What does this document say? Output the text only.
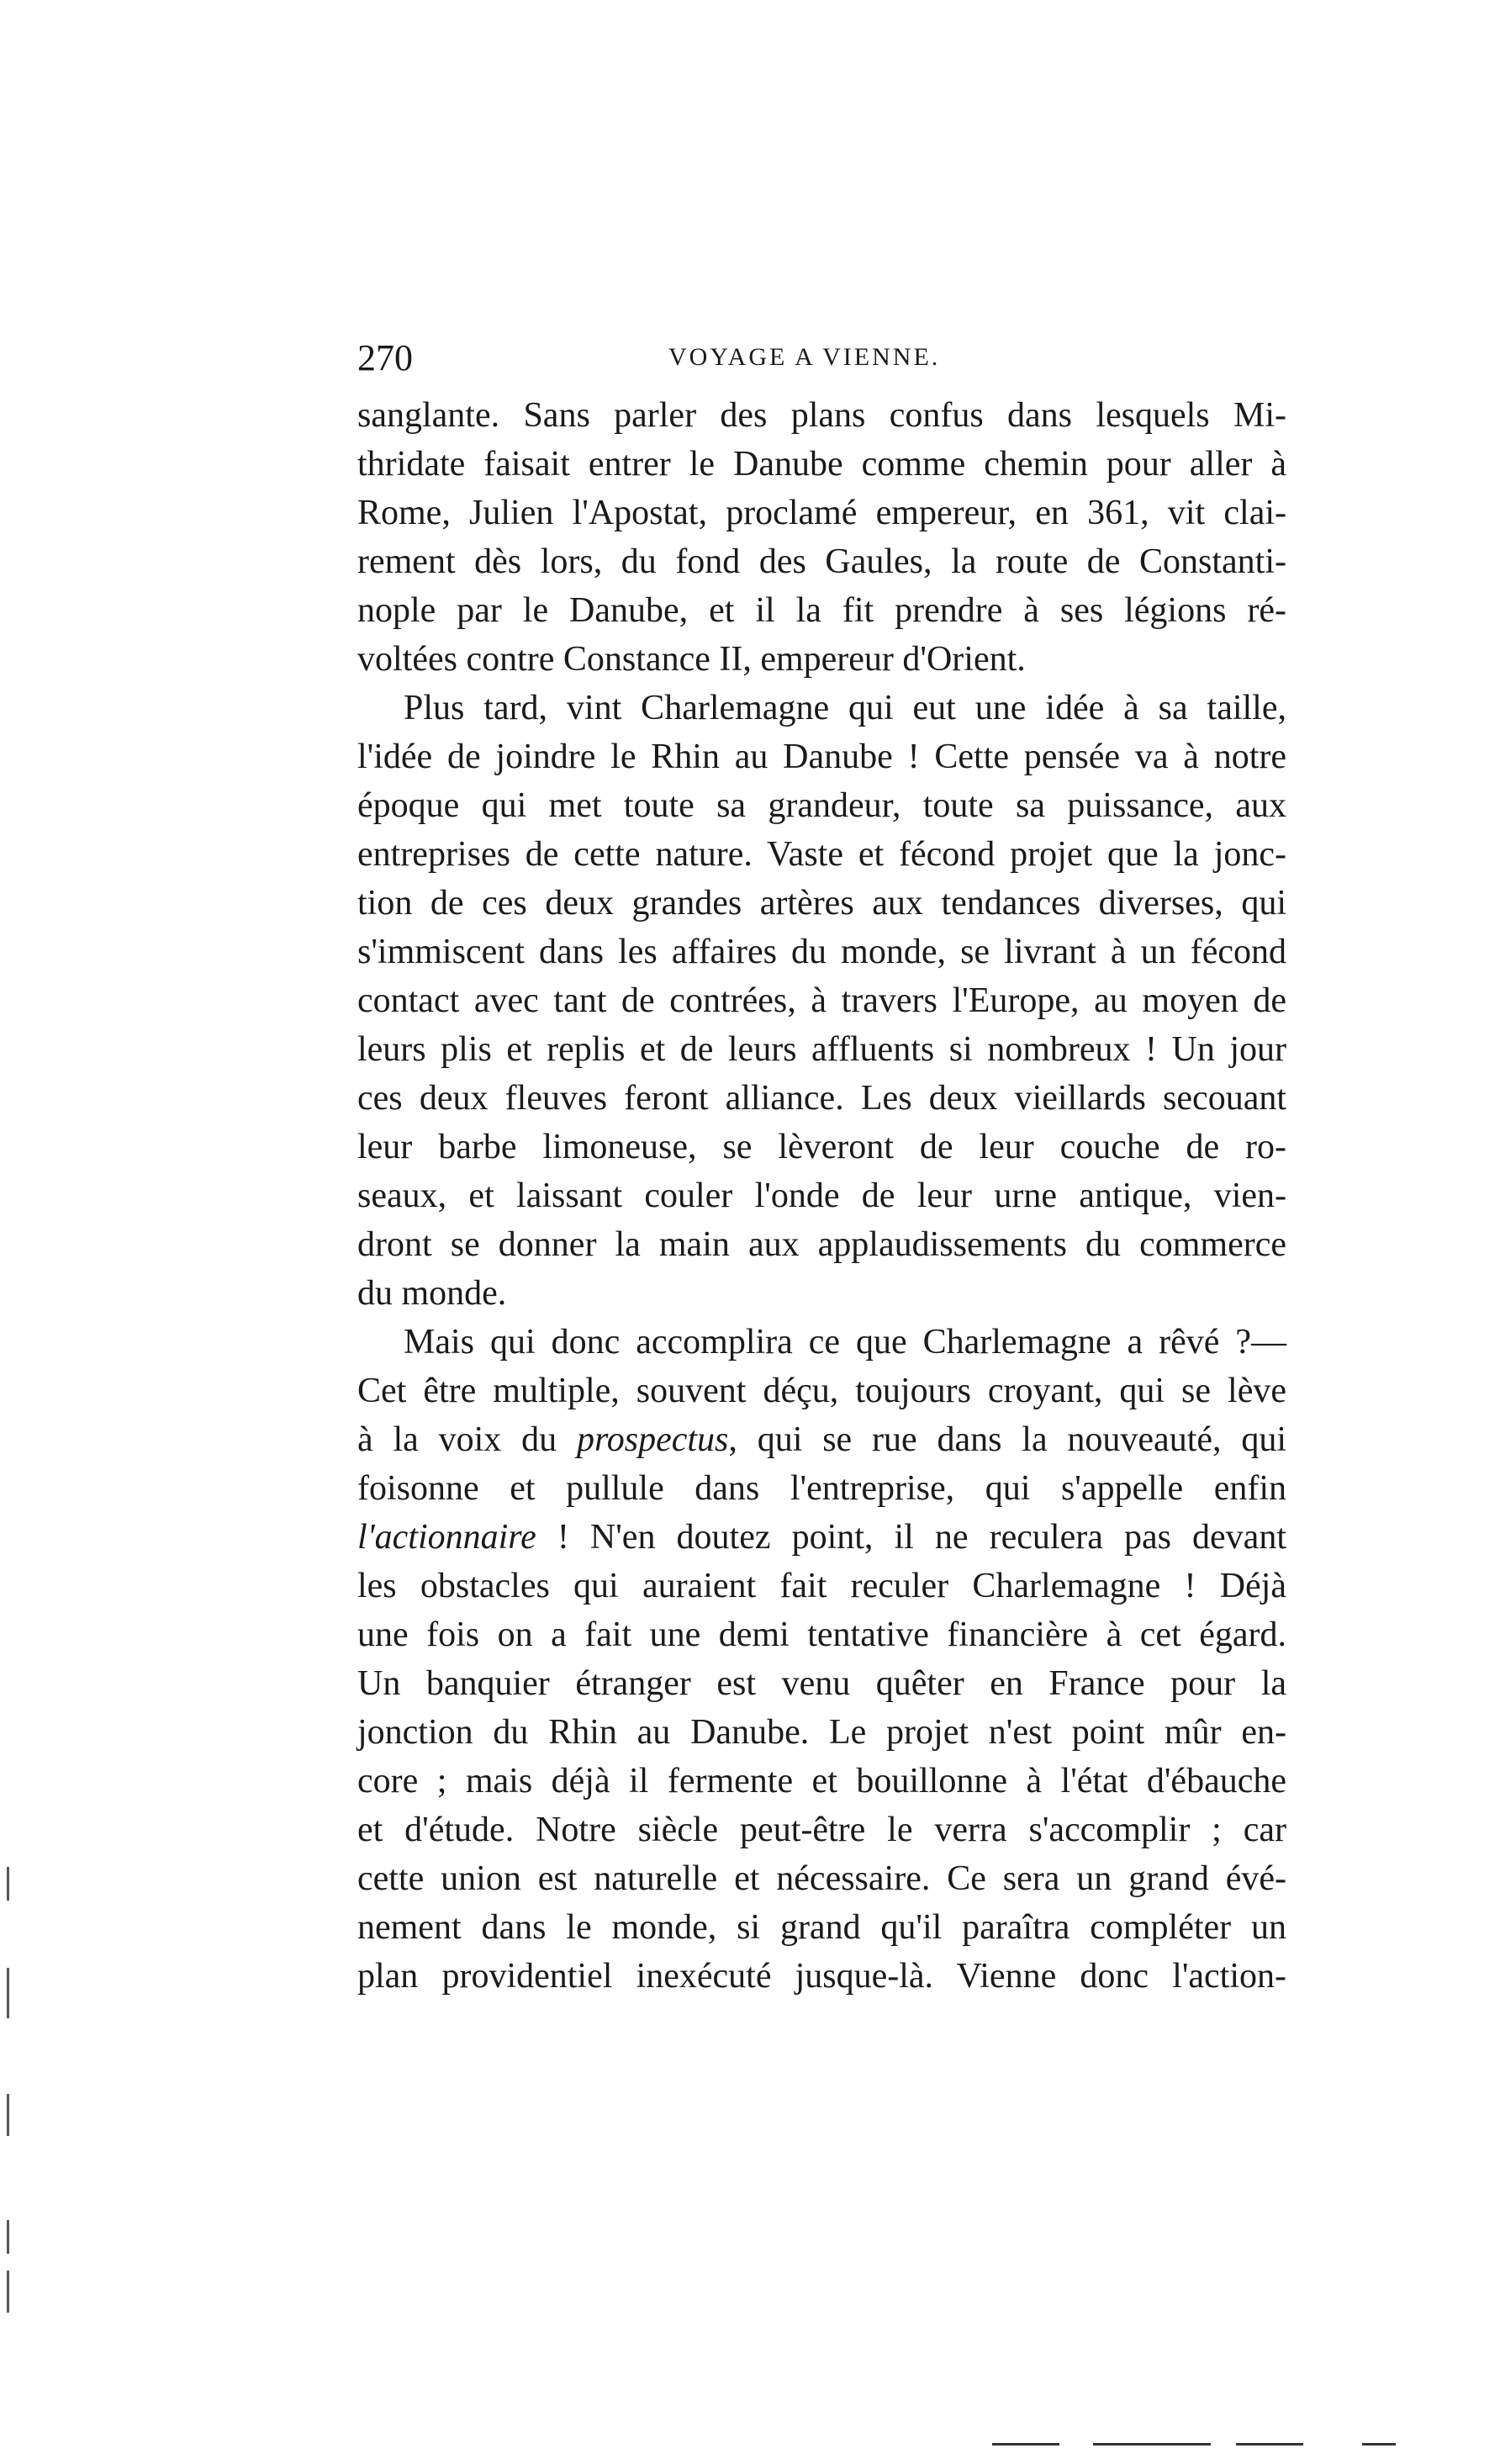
270	VOYAGE A VIENNE.
sanglante. Sans parler des plans confus dans lesquels Mi-
thridate faisait entrer le Danube comme chemin pour aller à
Rome, Julien l'Apostat, proclamé empereur, en 361, vit clai-
rement dès lors, du fond des Gaules, la route de Constanti-
nople par le Danube, et il la fit prendre à ses légions ré-
voltées contre Constance II, empereur d'Orient.
Plus tard, vint Charlemagne qui eut une idée à sa taille,
l'idée de joindre le Rhin au Danube ! Cette pensée va à notre
époque qui met toute sa grandeur, toute sa puissance, aux
entreprises de cette nature. Vaste et fécond projet que la jonc-
tion de ces deux grandes artères aux tendances diverses, qui
s'immiscent dans les affaires du monde, se livrant à un fécond
contact avec tant de contrées, à travers l'Europe, au moyen de
leurs plis et replis et de leurs affluents si nombreux ! Un jour
ces deux fleuves feront alliance. Les deux vieillards secouant
leur barbe limoneuse, se lèveront de leur couche de ro-
seaux, et laissant couler l'onde de leur urne antique, vien-
dront se donner la main aux applaudissements du commerce
du monde.
Mais qui donc accomplira ce que Charlemagne a rêvé ?—
Cet être multiple, souvent déçu, toujours croyant, qui se lève
à la voix du prospectus, qui se rue dans la nouveauté, qui
foisonne et pullule dans l'entreprise, qui s'appelle enfin
l'actionnaire ! N'en doutez point, il ne reculera pas devant
les obstacles qui auraient fait reculer Charlemagne ! Déjà
une fois on a fait une demi tentative financière à cet égard.
Un banquier étranger est venu quêter en France pour la
jonction du Rhin au Danube. Le projet n'est point mûr en-
core ; mais déjà il fermente et bouillonne à l'état d'ébauche
et d'étude. Notre siècle peut-être le verra s'accomplir ; car
cette union est naturelle et nécessaire. Ce sera un grand évé-
nement dans le monde, si grand qu'il paraîtra compléter un
plan providentiel inexécuté jusque-là. Vienne donc l'action-
